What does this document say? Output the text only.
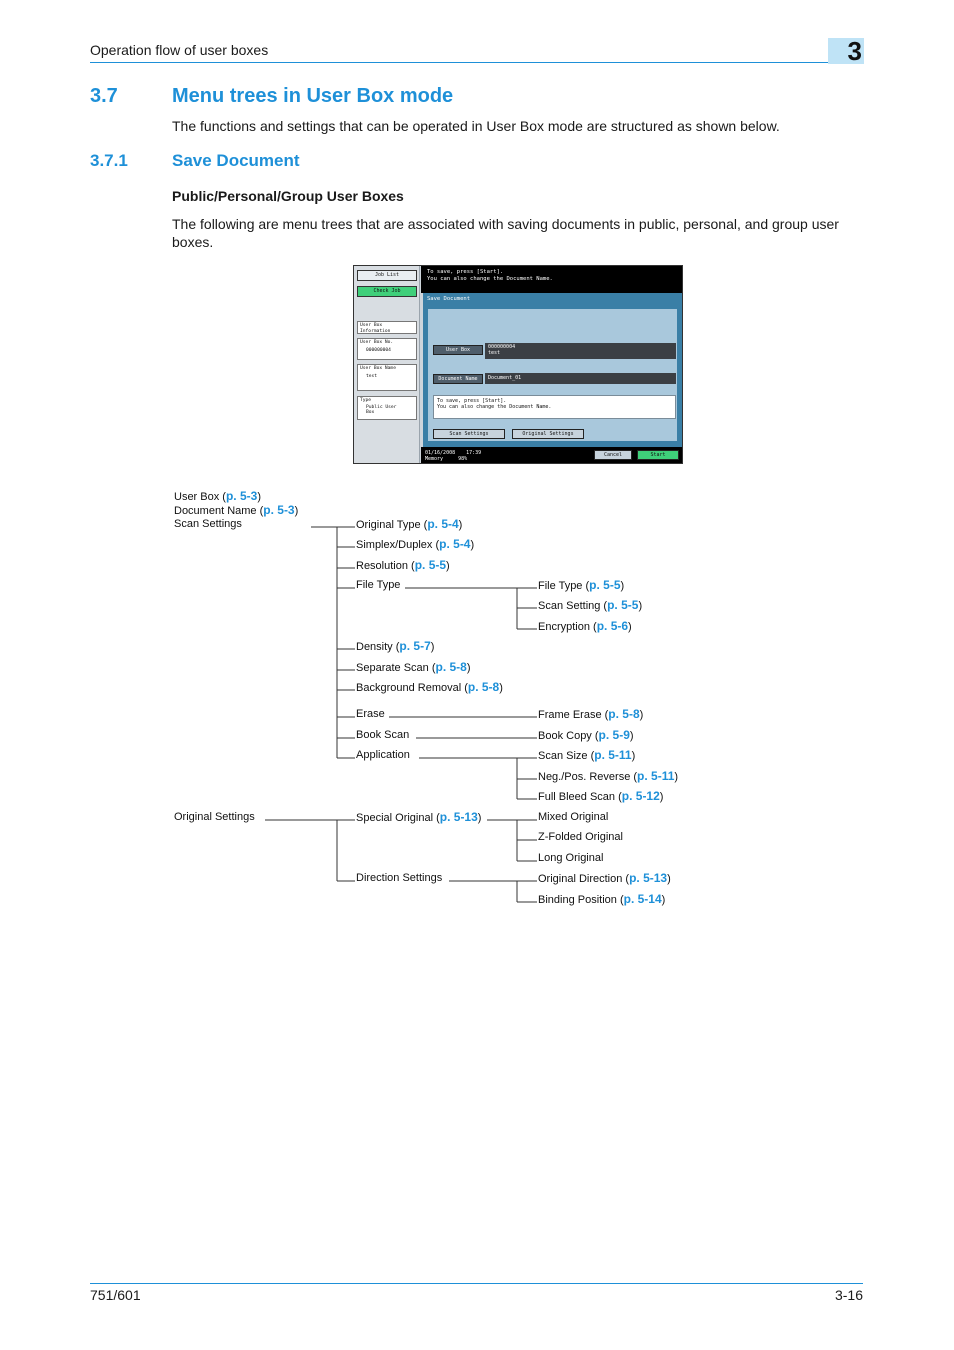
Operation flow of user boxes	3
3.7	Menu trees in User Box mode
The functions and settings that can be operated in User Box mode are structured as shown below.
3.7.1	Save Document
Public/Personal/Group User Boxes
The following are menu trees that are associated with saving documents in public, personal, and group user
boxes.
Job List
Check Job
User Box Information
User Box No.
000000004
User Box Name
test
Type
Public User Box
To save, press [Start].
You can also change the Document Name.
Save Document
User Box	000000004
test
Document Name	Document_01
To save, press [Start].
You can also change the Document Name.
Scan Settings	Original Settings
01/16/2008 17:39
Memory	98%
Cancel	Start
User Box (p. 5-3)
Document Name (p. 5-3)
Scan Settings	Original Type (p. 5-4)
Simplex/Duplex (p. 5-4)
Resolution (p. 5-5)
File Type	File Type (p. 5-5)
Scan Setting (p. 5-5)
Encryption (p. 5-6)
Density (p. 5-7)
Separate Scan (p. 5-8)
Background Removal (p. 5-8)
Erase	Frame Erase (p. 5-8)
Book Scan	Book Copy (p. 5-9)
Application	Scan Size (p. 5-11)
Neg./Pos. Reverse (p. 5-11)
Full Bleed Scan (p. 5-12)
Original Settings	Special Original (p. 5-13)	Mixed Original
Z-Folded Original
Long Original
Direction Settings	Original Direction (p. 5-13)
Binding Position (p. 5-14)
751/601	3-16
